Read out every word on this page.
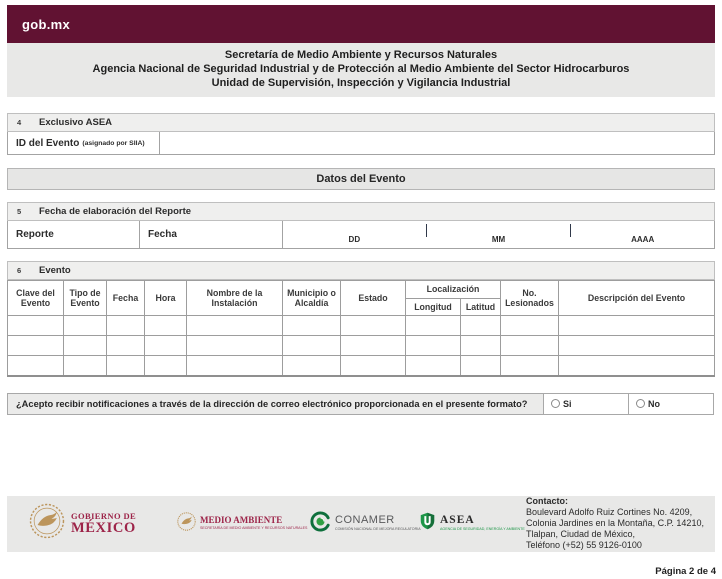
gob.mx
Secretaría de Medio Ambiente y Recursos Naturales
Agencia Nacional de Seguridad Industrial y de Protección al Medio Ambiente del Sector Hidrocarburos
Unidad de Supervisión, Inspección y Vigilancia Industrial
4	Exclusivo ASEA
ID del Evento (asignado por SIIA)
Datos del Evento
5	Fecha de elaboración del Reporte
Reporte	Fecha	DD	MM	AAAA
6	Evento
Clave del Evento	Tipo de Evento	Fecha	Hora	Nombre de la Instalación	Municipio o Alcaldía	Estado	Localización		No. Lesionados	Descripción del Evento
							Longitud	Latitud		

¿Acepto recibir notificaciones a través de la dirección de correo electrónico proporcionada en el presente formato?	Si	No
GOBIERNO DE
MÉXICO	MEDIO AMBIENTE
SECRETARÍA DE MEDIO AMBIENTE Y RECURSOS NATURALES
CONAMER
COMISIÓN NACIONAL DE MEJORA REGULATORIA
ASEA
AGENCIA DE SEGURIDAD, ENERGÍA Y AMBIENTE
Contacto:
Boulevard Adolfo Ruiz Cortines No. 4209,
Colonia Jardines en la Montaña, C.P. 14210,
Tlalpan, Ciudad de México,
Teléfono (+52) 55 9126-0100
Página 2 de 4
